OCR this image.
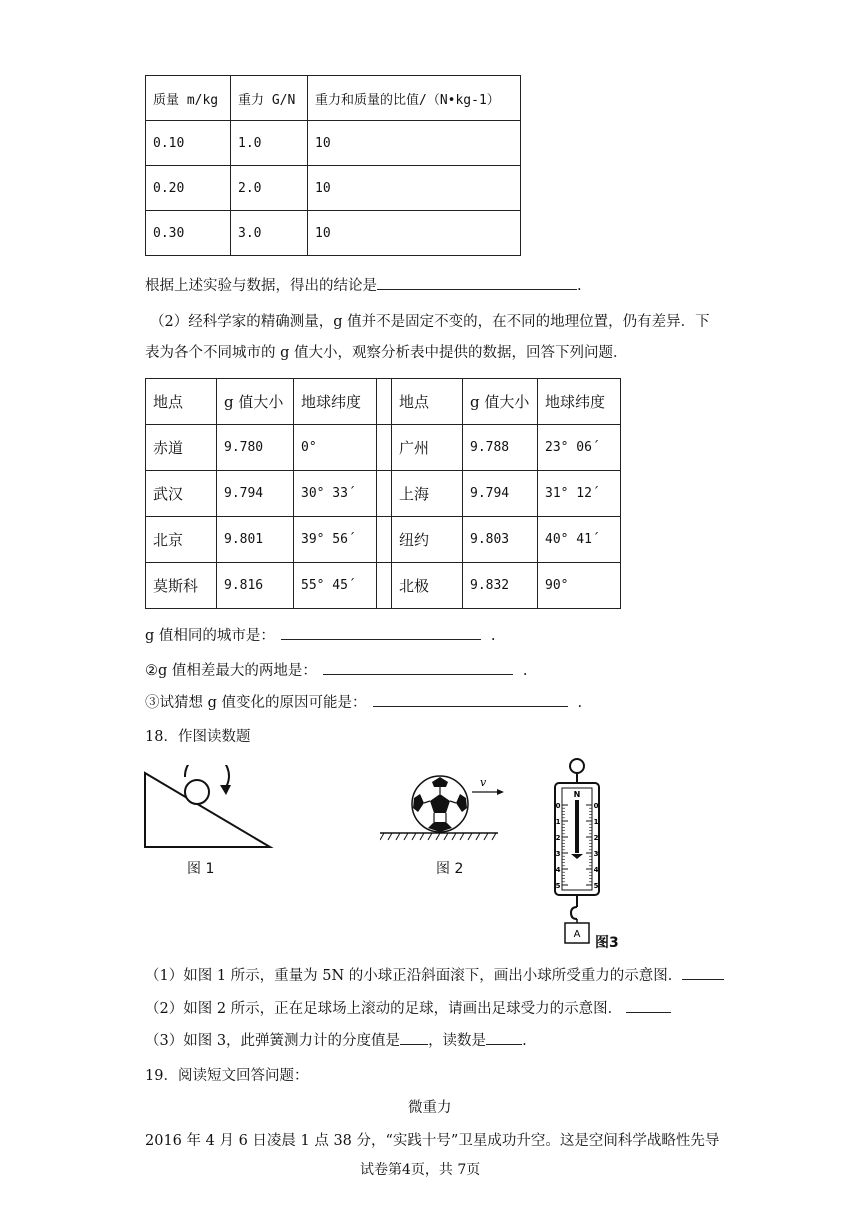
质量 m/kg	重力 G/N	重力和质量的比值/（N•kg-1）
0.10	1.0	10
0.20	2.0	10
0.30	3.0	10
根据上述实验与数据，得出的结论是	.
（2）经科学家的精确测量，g 值并不是固定不变的，在不同的地理位置，仍有差异．下
表为各个不同城市的 g 值大小，观察分析表中提供的数据，回答下列问题．
地点	g 值大小	地球纬度		地点	g 值大小	地球纬度
赤道	9.780	0°		广州	9.788	23° 06´
武汉	9.794	30° 33´		上海	9.794	31° 12´
北京	9.801	39° 56´		纽约	9.803	40° 41´
莫斯科	9.816	55° 45´		北极	9.832	90°
g 值相同的城市是：	.
②g 值相差最大的两地是：	.
③试猜想 g 值变化的原因可能是：	.
18．作图读数题
图 1
v
图 2
N
0	0
1	1
2	2
3	3
4	4
5	5
A
图3
（1）如图 1 所示，重量为 5N 的小球正沿斜面滚下，画出小球所受重力的示意图．
（2）如图 2 所示，正在足球场上滚动的足球，请画出足球受力的示意图．
（3）如图 3，此弹簧测力计的分度值是 ，读数是 .
19．阅读短文回答问题：
微重力
2016 年 4 月 6 日凌晨 1 点 38 分，“实践十号”卫星成功升空。这是空间科学战略性先导
试卷第4页，共 7页
